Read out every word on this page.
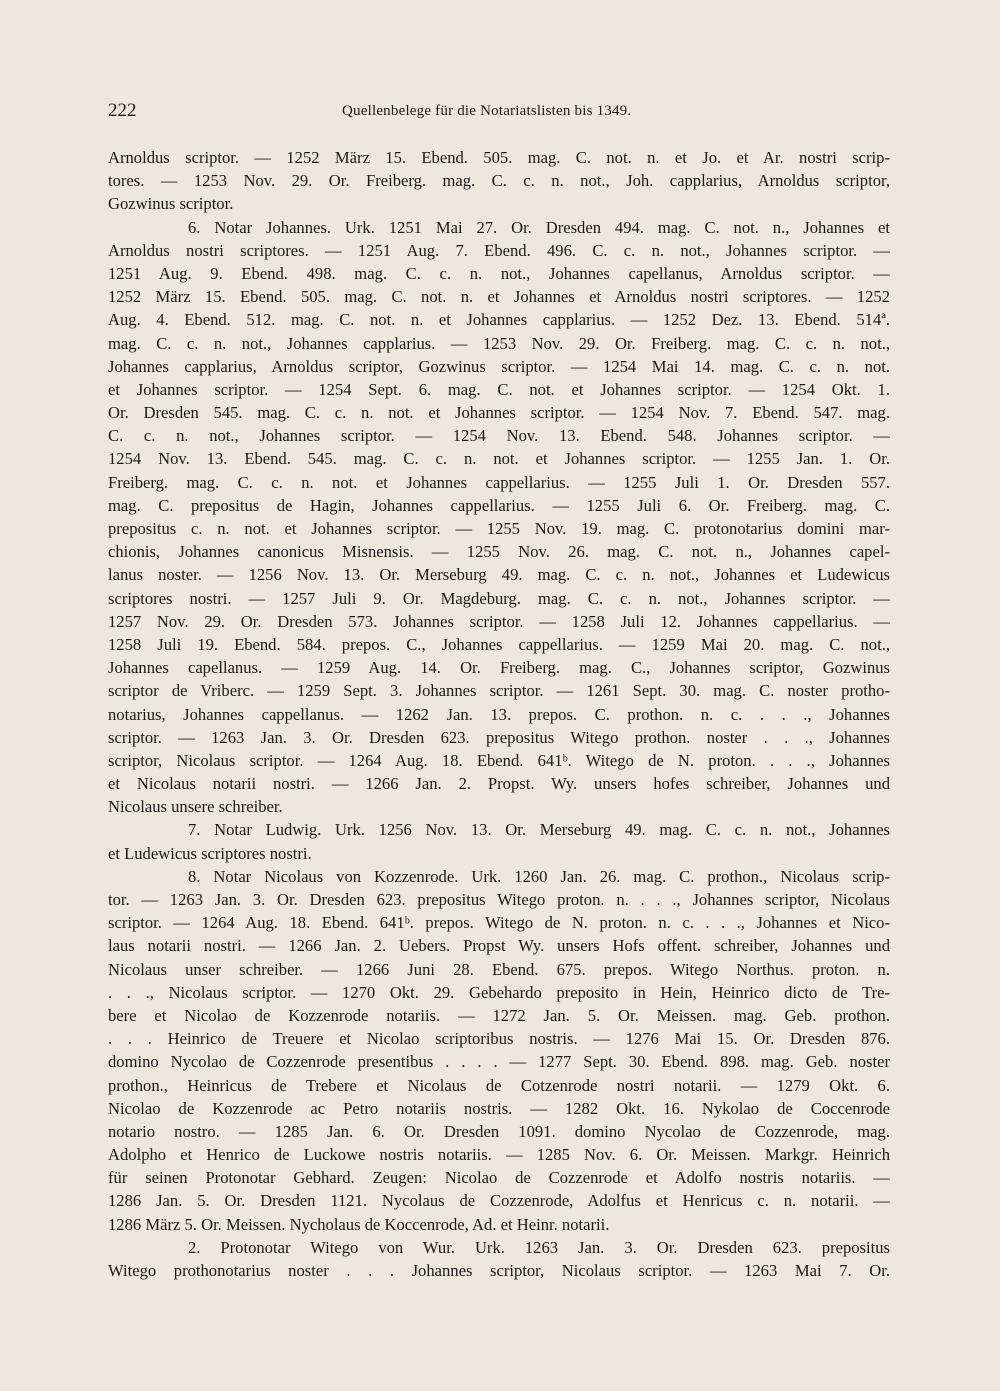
222	Quellenbelege für die Notariatslisten bis 1349.
Arnoldus scriptor. — 1252 März 15. Ebend. 505. mag. C. not. n. et Jo. et Ar. nostri scrip-
tores. — 1253 Nov. 29. Or. Freiberg. mag. C. c. n. not., Joh. capplarius, Arnoldus scriptor,
Gozwinus scriptor.
6. Notar Johannes. Urk. 1251 Mai 27. Or. Dresden 494. mag. C. not. n., Johannes et
Arnoldus nostri scriptores. — 1251 Aug. 7. Ebend. 496. C. c. n. not., Johannes scriptor. —
1251 Aug. 9. Ebend. 498. mag. C. c. n. not., Johannes capellanus, Arnoldus scriptor. —
1252 März 15. Ebend. 505. mag. C. not. n. et Johannes et Arnoldus nostri scriptores. — 1252
Aug. 4. Ebend. 512. mag. C. not. n. et Johannes capplarius. — 1252 Dez. 13. Ebend. 514ª.
mag. C. c. n. not., Johannes capplarius. — 1253 Nov. 29. Or. Freiberg. mag. C. c. n. not.,
Johannes capplarius, Arnoldus scriptor, Gozwinus scriptor. — 1254 Mai 14. mag. C. c. n. not.
et Johannes scriptor. — 1254 Sept. 6. mag. C. not. et Johannes scriptor. — 1254 Okt. 1.
Or. Dresden 545. mag. C. c. n. not. et Johannes scriptor. — 1254 Nov. 7. Ebend. 547. mag.
C. c. n. not., Johannes scriptor. — 1254 Nov. 13. Ebend. 548. Johannes scriptor. —
1254 Nov. 13. Ebend. 545. mag. C. c. n. not. et Johannes scriptor. — 1255 Jan. 1. Or.
Freiberg. mag. C. c. n. not. et Johannes cappellarius. — 1255 Juli 1. Or. Dresden 557.
mag. C. prepositus de Hagin, Johannes cappellarius. — 1255 Juli 6. Or. Freiberg. mag. C.
prepositus c. n. not. et Johannes scriptor. — 1255 Nov. 19. mag. C. protonotarius domini mar-
chionis, Johannes canonicus Misnensis. — 1255 Nov. 26. mag. C. not. n., Johannes capel-
lanus noster. — 1256 Nov. 13. Or. Merseburg 49. mag. C. c. n. not., Johannes et Ludewicus
scriptores nostri. — 1257 Juli 9. Or. Magdeburg. mag. C. c. n. not., Johannes scriptor. —
1257 Nov. 29. Or. Dresden 573. Johannes scriptor. — 1258 Juli 12. Johannes cappellarius. —
1258 Juli 19. Ebend. 584. prepos. C., Johannes cappellarius. — 1259 Mai 20. mag. C. not.,
Johannes capellanus. — 1259 Aug. 14. Or. Freiberg. mag. C., Johannes scriptor, Gozwinus
scriptor de Vriberc. — 1259 Sept. 3. Johannes scriptor. — 1261 Sept. 30. mag. C. noster protho-
notarius, Johannes cappellanus. — 1262 Jan. 13. prepos. C. prothon. n. c. . . ., Johannes
scriptor. — 1263 Jan. 3. Or. Dresden 623. prepositus Witego prothon. noster . . ., Johannes
scriptor, Nicolaus scriptor. — 1264 Aug. 18. Ebend. 641ᵇ. Witego de N. proton. . . ., Johannes
et Nicolaus notarii nostri. — 1266 Jan. 2. Propst. Wy. unsers hofes schreiber, Johannes und
Nicolaus unsere schreiber.
7. Notar Ludwig. Urk. 1256 Nov. 13. Or. Merseburg 49. mag. C. c. n. not., Johannes
et Ludewicus scriptores nostri.
8. Notar Nicolaus von Kozzenrode. Urk. 1260 Jan. 26. mag. C. prothon., Nicolaus scrip-
tor. — 1263 Jan. 3. Or. Dresden 623. prepositus Witego proton. n. . . ., Johannes scriptor, Nicolaus
scriptor. — 1264 Aug. 18. Ebend. 641ᵇ. prepos. Witego de N. proton. n. c. . . ., Johannes et Nico-
laus notarii nostri. — 1266 Jan. 2. Uebers. Propst Wy. unsers Hofs offent. schreiber, Johannes und
Nicolaus unser schreiber. — 1266 Juni 28. Ebend. 675. prepos. Witego Northus. proton. n.
. . ., Nicolaus scriptor. — 1270 Okt. 29. Gebehardo preposito in Hein, Heinrico dicto de Tre-
bere et Nicolao de Kozzenrode notariis. — 1272 Jan. 5. Or. Meissen. mag. Geb. prothon.
. . . Heinrico de Treuere et Nicolao scriptoribus nostris. — 1276 Mai 15. Or. Dresden 876.
domino Nycolao de Cozzenrode presentibus . . . . — 1277 Sept. 30. Ebend. 898. mag. Geb. noster
prothon., Heinricus de Trebere et Nicolaus de Cotzenrode nostri notarii. — 1279 Okt. 6.
Nicolao de Kozzenrode ac Petro notariis nostris. — 1282 Okt. 16. Nykolao de Coccenrode
notario nostro. — 1285 Jan. 6. Or. Dresden 1091. domino Nycolao de Cozzenrode, mag.
Adolpho et Henrico de Luckowe nostris notariis. — 1285 Nov. 6. Or. Meissen. Markgr. Heinrich
für seinen Protonotar Gebhard. Zeugen: Nicolao de Cozzenrode et Adolfo nostris notariis. —
1286 Jan. 5. Or. Dresden 1121. Nycolaus de Cozzenrode, Adolfus et Henricus c. n. notarii. —
1286 März 5. Or. Meissen. Nycholaus de Koccenrode, Ad. et Heinr. notarii.
2. Protonotar Witego von Wur. Urk. 1263 Jan. 3. Or. Dresden 623. prepositus
Witego prothonotarius noster . . . Johannes scriptor, Nicolaus scriptor. — 1263 Mai 7. Or.
